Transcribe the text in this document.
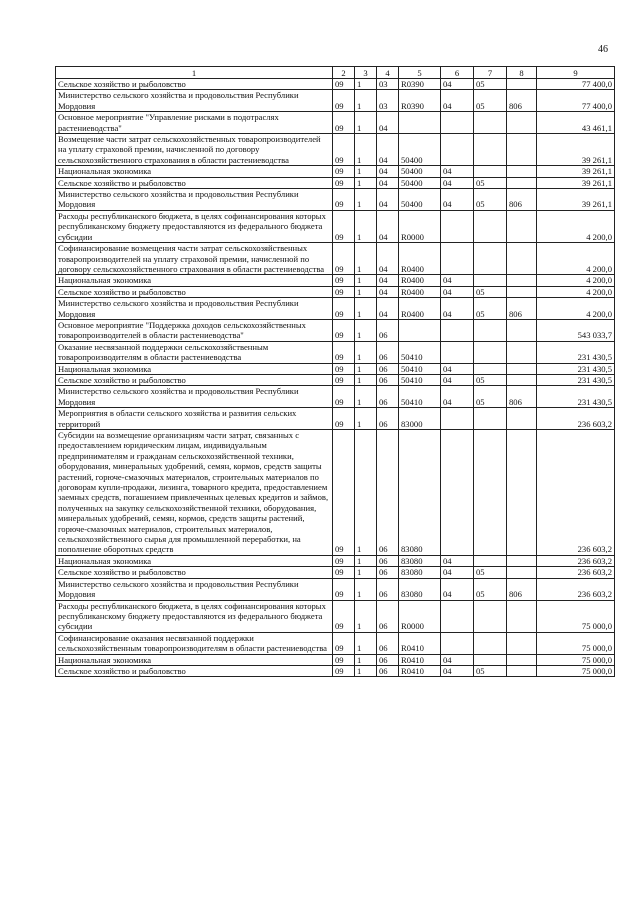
46
1	2	3	4	5	6	7	8	9
Сельское хозяйство и рыболовство	09	1	03	R0390	04	05		77 400,0
Министерство сельского хозяйства и продовольствия Республики Мордовия	09	1	03	R0390	04	05	806	77 400,0
Основное мероприятие "Управление рисками в подотраслях растениеводства"	09	1	04					43 461,1
Возмещение части затрат сельскохозяйственных товаропроизводителей на уплату страховой премии, начисленной по договору сельскохозяйственного страхования в области растениеводства	09	1	04	50400				39 261,1
Национальная экономика	09	1	04	50400	04			39 261,1
Сельское хозяйство и рыболовство	09	1	04	50400	04	05		39 261,1
Министерство сельского хозяйства и продовольствия Республики Мордовия	09	1	04	50400	04	05	806	39 261,1
Расходы республиканского бюджета, в целях софинансирования которых республиканскому бюджету предоставляются из федерального бюджета субсидии	09	1	04	R0000				4 200,0
Софинансирование возмещения части затрат сельскохозяйственных товаропроизводителей на уплату страховой премии, начисленной по договору сельскохозяйственного страхования в области растениеводства	09	1	04	R0400				4 200,0
Национальная экономика	09	1	04	R0400	04			4 200,0
Сельское хозяйство и рыболовство	09	1	04	R0400	04	05		4 200,0
Министерство сельского хозяйства и продовольствия Республики Мордовия	09	1	04	R0400	04	05	806	4 200,0
Основное мероприятие "Поддержка доходов сельскохозяйственных товаропроизводителей в области растениеводства"	09	1	06					543 033,7
Оказание несвязанной поддержки сельскохозяйственным товаропроизводителям в области растениеводства	09	1	06	50410				231 430,5
Национальная экономика	09	1	06	50410	04			231 430,5
Сельское хозяйство и рыболовство	09	1	06	50410	04	05		231 430,5
Министерство сельского хозяйства и продовольствия Республики Мордовия	09	1	06	50410	04	05	806	231 430,5
Мероприятия в области сельского хозяйства и развития сельских территорий	09	1	06	83000				236 603,2
Субсидии на возмещение организациям части затрат, связанных с предоставлением юридическим лицам, индивидуальным предпринимателям и гражданам сельскохозяйственной техники, оборудования, минеральных удобрений, семян, кормов, средств защиты растений, горюче-смазочных материалов, строительных материалов по договорам купли-продажи, лизинга, товарного кредита, предоставлением заемных средств, погашением привлеченных целевых кредитов и займов, полученных на закупку сельскохозяйственной техники, оборудования, минеральных удобрений, семян, кормов, средств защиты растений, горюче-смазочных материалов, строительных материалов, сельскохозяйственного сырья для промышленной переработки, на пополнение оборотных средств	09	1	06	83080				236 603,2
Национальная экономика	09	1	06	83080	04			236 603,2
Сельское хозяйство и рыболовство	09	1	06	83080	04	05		236 603,2
Министерство сельского хозяйства и продовольствия Республики Мордовия	09	1	06	83080	04	05	806	236 603,2
Расходы республиканского бюджета, в целях софинансирования которых республиканскому бюджету предоставляются из федерального бюджета субсидии	09	1	06	R0000				75 000,0
Софинансирование оказания несвязанной поддержки сельскохозяйственным товаропроизводителям в области растениеводства	09	1	06	R0410				75 000,0
Национальная экономика	09	1	06	R0410	04			75 000,0
Сельское хозяйство и рыболовство	09	1	06	R0410	04	05		75 000,0
